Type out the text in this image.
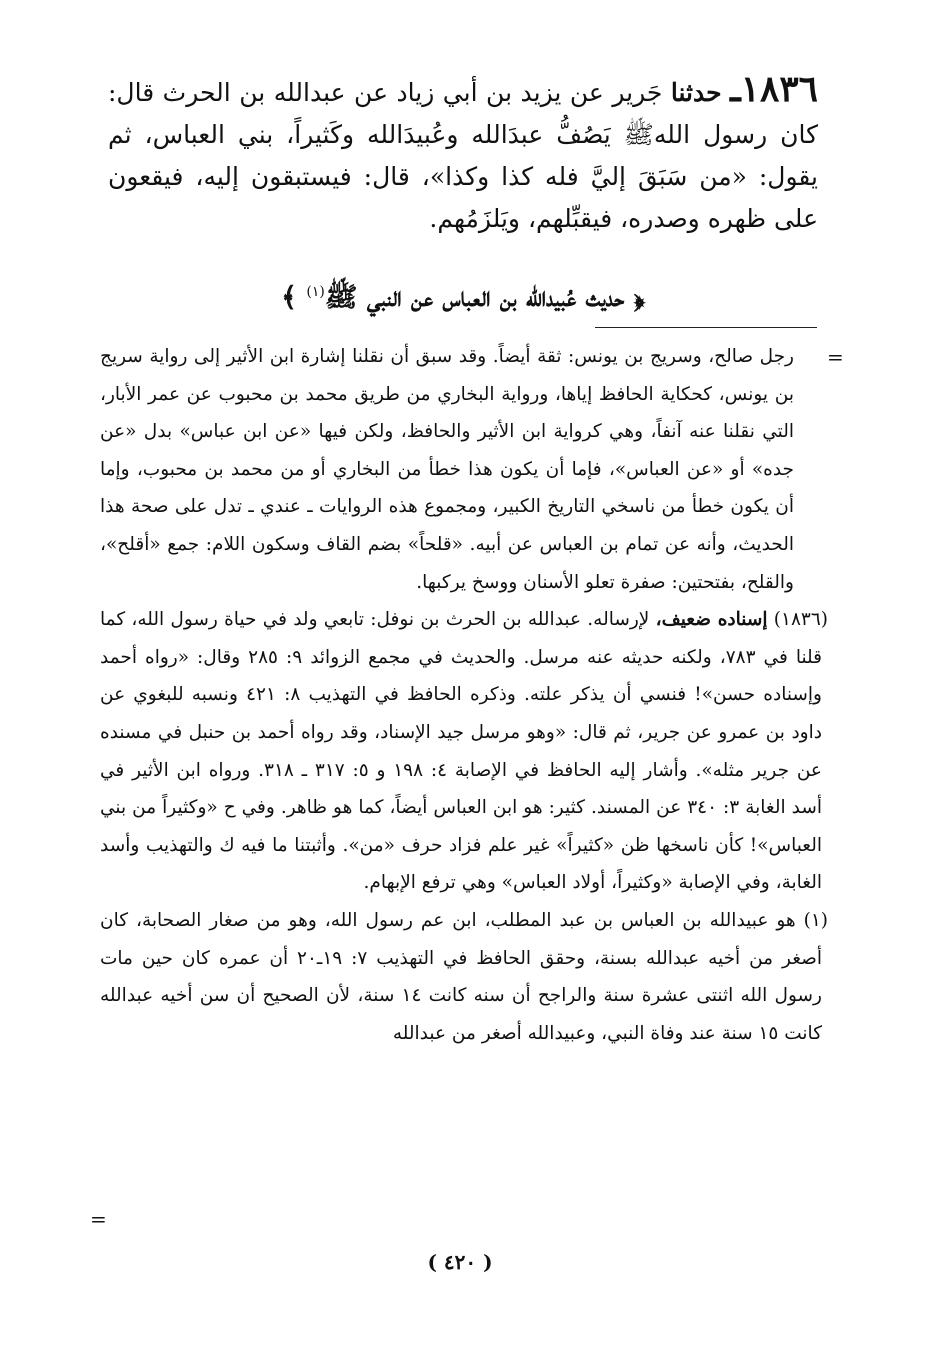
١٨٣٦ـ حدثنا جَرير عن يزيد بن أبي زياد عن عبدالله بن الحرث قال: كان رسول اللهﷺ يَصُفُّ عبدَالله وعُبيدَالله وكَثيراً، بني العباس، ثم يقول: «من سَبَقَ إليَّ فله كذا وكذا»، قال: فيستبقون إليه، فيقعون على ظهره وصدره، فيقبِّلهم، ويَلزَمُهم.
﴿ حديث عُبيدالله بن العباس عن النبي ﷺ$^{(١)}$ ﴾
=

رجل صالح، وسريج بن يونس: ثقة أيضاً. وقد سبق أن نقلنا إشارة ابن الأثير إلى رواية سريج بن يونس، كحكاية الحافظ إياها، ورواية البخاري من طريق محمد بن محبوب عن عمر الأبار، التي نقلنا عنه آنفاً، وهي كرواية ابن الأثير والحافظ، ولكن فيها «عن ابن عباس» بدل «عن جده» أو «عن العباس»، فإما أن يكون هذا خطأ من البخاري أو من محمد بن محبوب، وإما أن يكون خطأ من ناسخي التاريخ الكبير، ومجموع هذه الروايات ـ عندي ـ تدل على صحة هذا الحديث، وأنه عن تمام بن العباس عن أبيه. «قلحاً» بضم القاف وسكون اللام: جمع «أقلح»، والقلح، بفتحتين: صفرة تعلو الأسنان ووسخ يركبها.

(١٨٣٦) إسناده ضعيف، لإرساله. عبدالله بن الحرث بن نوفل: تابعي ولد في حياة رسول الله، كما قلنا في ٧٨٣، ولكنه حديثه عنه مرسل. والحديث في مجمع الزوائد ٩: ٢٨٥ وقال: «رواه أحمد وإسناده حسن»! فنسي أن يذكر علته. وذكره الحافظ في التهذيب ٨: ٤٢١ ونسبه للبغوي عن داود بن عمرو عن جرير، ثم قال: «وهو مرسل جيد الإسناد، وقد رواه أحمد بن حنبل في مسنده عن جرير مثله». وأشار إليه الحافظ في الإصابة ٤: ١٩٨ و ٥: ٣١٧ ـ ٣١٨. ورواه ابن الأثير في أسد الغابة ٣: ٣٤٠ عن المسند. كثير: هو ابن العباس أيضاً، كما هو ظاهر. وفي ح «وكثيراً من بني العباس»! كأن ناسخها ظن «كثيراً» غير علم فزاد حرف «من». وأثبتنا ما فيه ك والتهذيب وأسد الغابة، وفي الإصابة «وكثيراً، أولاد العباس» وهي ترفع الإبهام.

(١) هو عبيدالله بن العباس بن عبد المطلب، ابن عم رسول الله، وهو من صغار الصحابة، كان أصغر من أخيه عبدالله بسنة، وحقق الحافظ في التهذيب ٧: ١٩ـ٢٠ أن عمره كان حين مات رسول الله اثنتى عشرة سنة والراجح أن سنه كانت ١٤ سنة، لأن الصحيح أن سن أخيه عبدالله كانت ١٥ سنة عند وفاة النبي، وعبيدالله أصغر من عبدالله

=
( ٤٢٠ )
